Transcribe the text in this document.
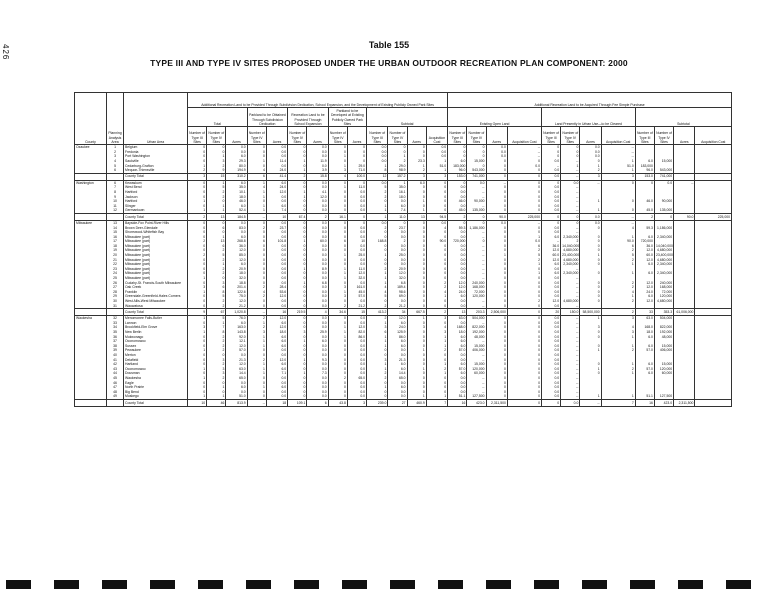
426	Table 155
TYPE III AND TYPE IV SITES PROPOSED UNDER THE URBAN OUTDOOR RECREATION PLAN COMPONENT: 2000
County	Planning Analysis Area	Urban Area	Additional Recreation Land to be Provided Through Subdivision Dedication, School Expansion, and the Development of Existing Publicly Owned Park Sites													Additional Recreation Land to be Acquired Through Fee Simple Purchase											
			Total			Parkland to be Obtained Through Subdivision Dedication		Recreation Land to be Provided Through School Expansion		Parkland to be Developed at Existing Publicly Owned Park Sites		Subtotal				Existing Open Land				Land Presently in Urban Use—to be Cleared				Subtotal			
			Number of Type III Sites	Number of Type IV Sites	Acres	Number of Type IV Sites	Acres	Number of Type IV Sites	Acres	Number of Type IV Sites	Acres	Number of Type III Sites	Number of Type IV Sites	Acres	Acquisition Cost	Number of Type III Sites	Number of Type IV Sites	Acres	Acquisition Cost	Number of Type III Sites	Number of Type IV Sites	Acres	Acquisition Cost	Number of Type III Sites	Number of Type IV Sites	Acres	Acquisition Cost
Ozaukee	1	Belgium	0	0	0.0	0	0.0	0	0.0	0	0	0.0	0	0	0.0	0	0	0.0	--	0	0	0.0	--				
	2	Fredonia	0	0	0.0	0	0.0	0	0.0	0	0	0.0	0	0	0.0	0	0	0.0	--	0	0	0.0	--				
	3	Port Washington	0	1	6.0	0	0.0	0	0.0	1	0	0.0	1	0	0.0	0	0	0.0	--	0	0	0.0	--				
	4	Saukville	0	3	29.3	1	11.4	1	11.9	0	0	0.0	2	23.3	1	6.0	15,000	0	0	0.0	--	0	1	6.0	15,000		
	5	Cedarburg-Grafton	1	2	80.0	0	0.0	0	0.0	1	29.0	1	29.0	1	51.0	183,000	0	0	0.0	--	1	1	51.0	183,000			
	6	Mequon-Thiensville	2	9	194.9	4	24.0	1	3.9	3	71.0	8	98.9	2	1	96.0	543,000	0	0	0.0	--	2	1	96.0	543,000		
		County Total	3	15	310.2	6	41.4	2	15.8	4	100.0	12	157.2	3	3	153.0	741,000	0	0	0.0	--	3	3	153.0	741,000		
Washington	6	Kewaskum	0	1	6.0	1	6.0	0	0.0	0	0	0.0	1	6.0	0	0	0.0	--	0	0	0.0	--	0	0	0.0	--	
	7	West Bend	0	5	35.0	4	24.0	0	0.0	1	11.0	5	35.0	0	0	0.0	--	0	0	0.0	--						
	8	Hartford	0	2	10.1	1	12.0	1	4.1	0	0.0	2	16.1	0	0	0.0	--	0	0	0.0	--						
	9	Jackson	0	2	18.0	1	0.0	1	12.0	0	0.0	2	18.0	0	0	0.0	--	0	0	0.0	--						
	10	Hartford	1	0	46.0	0	0.0	0	0.0	0	0.0	0	0.0	1	0	46.0	90,000	0	0	0.0	--	1	0	46.0	90,000		
	11	Slinger	0	1	6.0	1	6.0	0	0.0	0	0.0	1	6.0	0	0	0.0	--	0	0	0.0	--						
	12	Germantown	1	1	52.4	1	7.4	0	0.0	0	0.0	1	7.4	1	0	45.0	135,000	0	0	0.0	--	1	0	45.0	135,000		
		County Total	2	13	184.5	--	10	67.4	2	16.1	0	1	11.0	13	94.5	2	0	90.0	225,000	0	0	0.0	--	2	0	90.0	225,000
Milwaukee	13	Bayside-Fox Point-River Hills	0	0	0.0	0	0.0	0	0.0	0	0	0.0	0	0	0.0	0	0	0.0	--	0	0	0.0	--				
	14	Brown Deer-Glendale	0	6	83.0	2	23.7	0	0.0	0	0.0	2	23.7	0	4	59.3	1,186,000	0	0	0.0	--	0	4	59.3	1,186,000		
	15	Shorewood-Whitefish Bay	0	0	0.0	0	0.0	0	0.0	0	0.0	0	0.0	0	0	0.0	--	0	0	0.0	--						
	16	Milwaukee (part)	0	1	6.0	0	0.0	0	0.0	0	0.0	0	0.0	0	0	0.0	--	0	1	6.0	2,340,000	0	1	6.0	2,340,000		
	17	Milwaukee (part)	2	13	268.8	6	101.8	1	60.0	6	10	168.8	2	0	90.0	720,000	0	0	0.0	--	2	0	90.0	720,000			
	18	Milwaukee (part)	0	6	36.0	0	0.0	0	0.0	0	0.0	0	0.0	0	0	0.0	--	0	6	36.0	14,040,000	0	6	36.0	14,040,000		
	19	Milwaukee (part)	0	2	12.0	0	0.0	0	0.0	0	0.0	0	0.0	0	0	0.0	--	0	2	12.0	4,680,000	0	2	12.0	4,680,000		
	20	Milwaukee (part)	2	5	85.0	0	0.0	0	0.0	1	25.0	1	25.0	0	0	0.0	--	1	5	60.0	23,400,000	1	5	60.0	23,400,000		
	21	Milwaukee (part)	0	2	12.0	0	0.0	0	0.0	0	0.0	0	0.0	0	0	0.0	--	0	2	12.0	4,680,000	0	2	12.0	4,680,000		
	22	Milwaukee (part)	0	1	6.0	0	0.0	0	0.0	0	0.0	0	0.0	0	0	0.0	--	0	1	6.0	2,340,000	0	1	6.0	2,340,000		
	23	Milwaukee (part)	0	2	20.9	0	0.0	1	8.9	1	11.0	2	20.9	0	0	0.0	--	0	0	0.0	--						
	24	Milwaukee (part)	0	2	18.0	0	0.0	0	0.0	1	12.0	1	12.0	0	0	0.0	--	0	1	6.0	2,340,000	0	1	6.0	2,340,000		
	25	Milwaukee (part)	1	0	32.0	0	0.0	0	0.0	1	32.0	1	32.0	0	0	0.0	--	0	0	0.0	--						
	26	Cudahy-St. Francis-South Milwaukee	0	3	18.8	0	0.0	1	6.8	0	0.0	1	6.8	0	2	12.0	240,000	0	0	0.0	--	0	2	12.0	240,000		
	27	Oak Creek	3	6	201.4	2	28.4	0	0.0	3	161.0	4	189.4	0	2	12.0	168,000	0	0	0.0	--	0	2	12.0	168,000		
	28	Franklin	1	8	122.6	4	53.6	0	0.0	1	45.0	4	98.6	0	4	24.0	72,000	0	0	0.0	--	0	4	24.0	72,000		
	29	Greendale-Greenfield-Hales Corners	0	5	75.0	2	12.0	0	0.0	3	57.0	5	69.0	0	1	6.0	120,000	0	0	0.0	--	0	1	6.0	120,000		
	30	West Allis-West Milwaukee	0	2	12.0	0	0.0	0	0.0	0	0.0	0	0.0	0	0	0.0	--	0	2	12.0	4,680,000	0	2	12.0	4,680,000		
	31	Wauwatosa	0	2	21.2	0	0.0	0	0.0	2	21.2	2	21.2	0	0	0.0	--	0	0	0.0	--						
		County Total	9	67	1,020.8	--	16	219.5	4	34.6	15	413.2	34	667.5	2	13	203.3	2,506,000	0	20	150.0	58,500,000	2	33	353.3	61,006,000	
Waukesha	32	Menomonee Falls-Butler	1	5	76.0	2	12.0	0	0.0	0	0.0	2	12.0	1	3	63.0	504,000	0	0	0.0	--	1	3	63.0	504,000		
	33	Lannon	0	1	6.0	1	6.0	0	0.0	0	0.0	1	6.0	0	0	0.0	--	0	0	0.0	--						
	34	Brookfield-Elm Grove	3	7	163.0	2	12.0	0	0.0	1	12.0	3	24.0	3	4	168.0	822,000	0	0	0.0	--	3	4	168.0	822,000		
	35	New Berlin	1	8	143.8	3	18.0	3	25.9	1	82.0	6	125.9	0	3	18.0	192,000	0	0	0.0	--	0	3	18.0	192,000		
	36	Mukwonago	0	2	92.0	1	6.0	0	0.0	1	86.0	1	86.0	0	1	6.0	48,000	0	0	0.0	--	0	1	6.0	48,000		
	37	Oconomowoc	0	2	12.1	1	6.0	1	6.0	0	0.0	1	6.0	0	1	6.0	--	0	0	0.0	--						
	38	Sussex	0	2	12.0	1	6.0	0	0.0	0	0.0	1	6.0	0	1	6.0	15,000	0	0	0.0	--	0	1	6.0	15,000		
	39	Pewaukee	1	2	57.0	0	0.0	0	0.0	0	0.0	0	0.0	1	2	57.0	406,000	0	0	0.0	--	1	2	57.0	406,000		
	40	Merton	0	0	0.0	0	0.0	0	0.0	0	0.0	0	0.0	0	0	0.0	--	0	0	0.0	--						
	41	Delafield	0	3	21.3	2	12.0	1	9.3	0	0.0	3	21.3	0	0	0.0	--	0	0	0.0	--						
	42	Hartland	0	2	12.0	1	6.0	0	0.0	0	0.0	1	6.0	0	1	6.0	15,000	0	0	0.0	--	0	1	6.0	15,000		
	43	Oconomowoc	1	3	63.0	1	6.0	0	0.0	0	0.0	1	6.0	1	2	57.0	120,000	0	0	0.0	--	1	2	57.0	120,000		
	44	Dousman	0	3	14.4	1	7.1	1	7.3	0	0.0	2	14.4	0	1	6.0	60,000	0	0	0.0	--	0	1	6.0	60,000		
	45	Waukesha	1	2	65.0	0	0.0	0	0.0	2	65.0	2	65.0	0	0	0.0	--	0	0	0.0	--						
	46	Eagle	0	0	0.0	0	0.0	0	0.0	0	0.0	0	0.0	0	0	0.0	--	0	0	0.0	--						
	47	North Prairie	0	1	6.0	1	6.0	0	0.0	0	0.0	1	6.0	0	0	0.0	--	0	0	0.0	--						
	48	Big Bend	0	0	0.0	0	0.0	0	0.0	0	0.0	0	0.0	0	0	0.0	--	0	0	0.0	--						
	49	Muskego	1	1	51.0	0	0.0	0	0.0	0	0.0	0	0.0	1	1	51.1	127,500	0	0	0.0	--	1	1	51.1	127,500		
		County Total	10	46	813.9	--	18	109.1	6	43.8	3	239.0	27	460.9	7	16	423.0	2,311,500	0	0	0.0	--	7	16	423.0	2,311,500	
